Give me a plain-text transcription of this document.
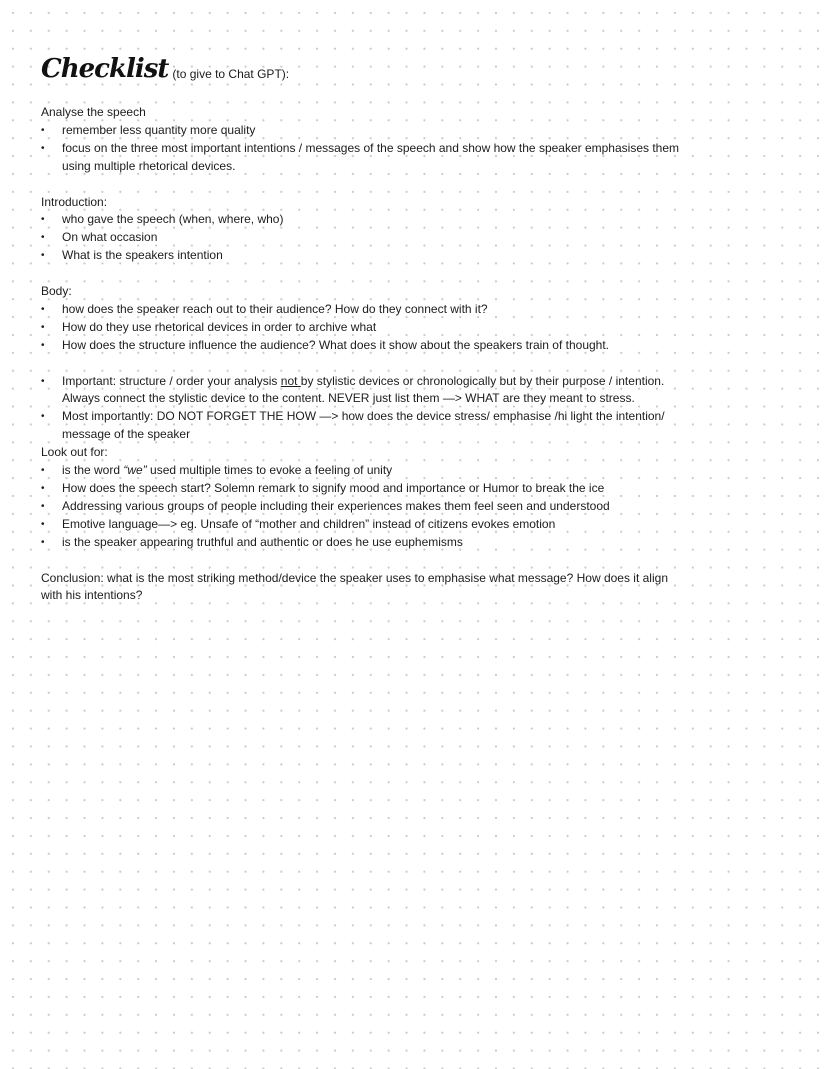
Checklist (to give to Chat GPT):

Analyse the speech

• remember less quantity more quality
• focus on the three most important intentions / messages of the speech and show how the speaker emphasises them using multiple rhetorical devices.

Introduction:

• who gave the speech (when, where, who)
• On what occasion
• What is the speakers intention

Body:

• how does the speaker reach out to their audience? How do they connect with it?
• How do they use rhetorical devices in order to archive what
• How does the structure influence the audience? What does it show about the speakers train of thought.
• Important: structure / order your analysis not by stylistic devices or chronologically but by their purpose / intention. Always connect the stylistic device to the content. NEVER just list them —> WHAT are they meant to stress.
• Most importantly: DO NOT FORGET THE HOW —> how does the device stress/ emphasise /hi light the intention/ message of the speaker

Look out for:

• is the word “we” used multiple times to evoke a feeling of unity
• How does the speech start? Solemn remark to signify mood and importance or Humor to break the ice
• Addressing various groups of people including their experiences makes them feel seen and understood
• Emotive language—> eg. Unsafe of “mother and children” instead of citizens evokes emotion
• is the speaker appearing truthful and authentic or does he use euphemisms

Conclusion: what is the most striking method/device the speaker uses to emphasise what message? How does it align with his intentions?
